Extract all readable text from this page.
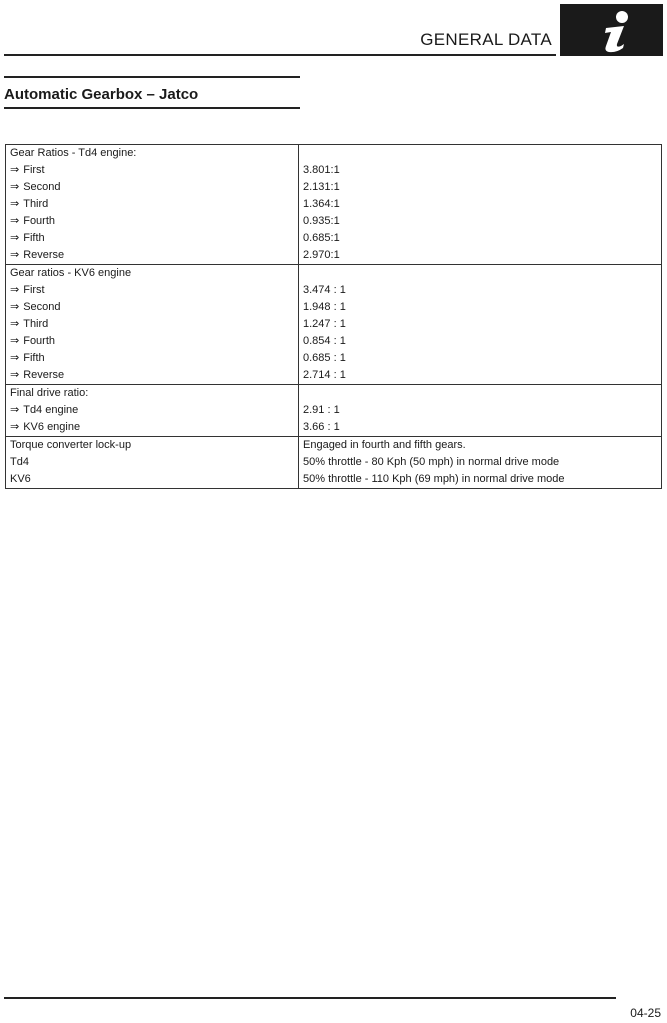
GENERAL DATA
Automatic Gearbox – Jatco
Gear Ratios - Td4 engine:	
⇒ First	3.801:1
⇒ Second	2.131:1
⇒ Third	1.364:1
⇒ Fourth	0.935:1
⇒ Fifth	0.685:1
⇒ Reverse	2.970:1
Gear ratios - KV6 engine	
⇒ First	3.474 : 1
⇒ Second	1.948 : 1
⇒ Third	1.247 : 1
⇒ Fourth	0.854 : 1
⇒ Fifth	0.685 : 1
⇒ Reverse	2.714 : 1
Final drive ratio:	
⇒ Td4 engine	2.91 : 1
⇒ KV6 engine	3.66 : 1
Torque converter lock-up	Engaged in fourth and fifth gears.
Td4	50% throttle - 80 Kph (50 mph) in normal drive mode
KV6	50% throttle - 110 Kph (69 mph) in normal drive mode
04-25
